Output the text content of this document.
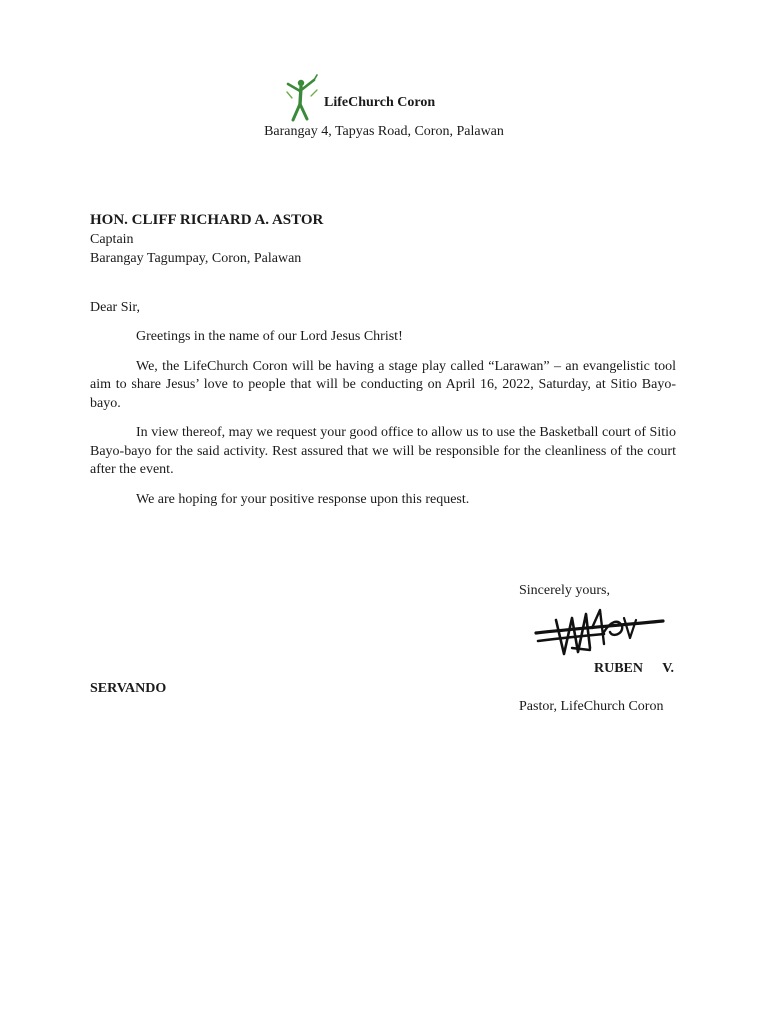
LifeChurch Coron
Barangay 4, Tapyas Road, Coron, Palawan
HON. CLIFF RICHARD A. ASTOR
Captain
Barangay Tagumpay, Coron, Palawan
Dear Sir,

Greetings in the name of our Lord Jesus Christ!

We, the LifeChurch Coron will be having a stage play called “Larawan” – an evangelistic tool aim to share Jesus’ love to people that will be conducting on April 16, 2022, Saturday, at Sitio Bayo-bayo.

In view thereof, may we request your good office to allow us to use the Basketball court of Sitio Bayo-bayo for the said activity. Rest assured that we will be responsible for the cleanliness of the court after the event.

We are hoping for your positive response upon this request.

Sincerely yours,
RUBEN V.
SERVANDO
Pastor, LifeChurch Coron
